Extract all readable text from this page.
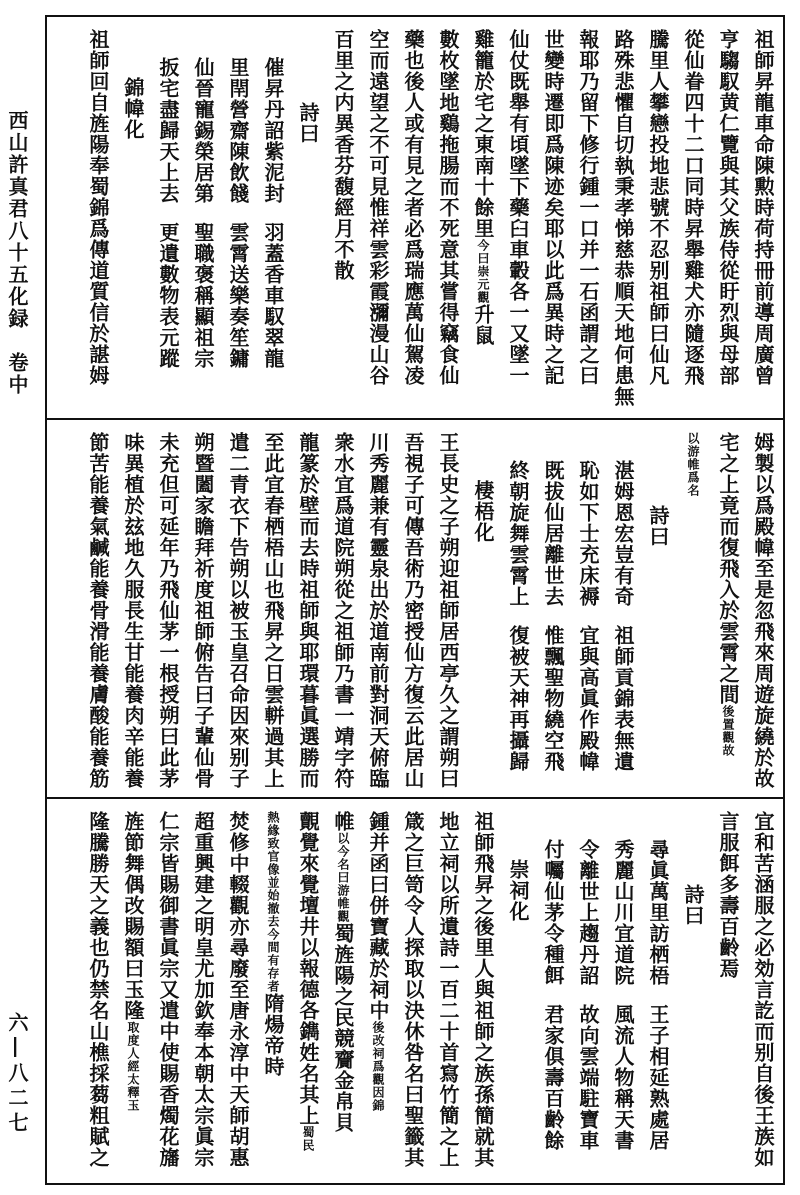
西山許真君八十五化録　卷中
六―八二七
祖師昇龍車命陳勲時荷持冊前導周廣曾
亨騶馭黄仁覽與其父族侍從盱烈與母部
從仙眷四十二口同時昇舉雞犬亦隨逐飛
騰里人攀戀投地悲號不忍别祖師曰仙凡
路殊悲懼自切執秉孝悌慈恭順天地何患無
報耶乃留下修行鍾一口并一石函謂之曰
世變時遷即爲陳迹矣耶以此爲異時之記
仙仗既舉有頃墜下藥臼車轂各一又墜一
雞籠於宅之東南十餘里今曰崇元觀升鼠
數枚墜地鷄拖腸而不死意其嘗得竊食仙
藥也後人或有見之者必爲瑞應萬仙駕凌
空而遠望之不可見惟祥雲彩霞瀰漫山谷
百里之内異香芬馥經月不散
詩曰
催昇丹詔紫泥封
羽蓋香車馭翠龍
里閈營齋陳飲餞
雲霄送樂奏笙鏞
仙晉寵錫榮居第
聖職褒稱顯祖宗
扳宅盡歸天上去
更遺數物表元蹤
錦幃化
祖師回自旌陽奉蜀錦爲傳道質信於諶姆
姆製以爲殿幃至是忽飛來周遊旋繞於故
宅之上竟而復飛入於雲霄之間後置觀故
以游帷爲名
詩曰
湛姆恩宏豈有奇
祖師貢錦表無遺
恥如下士充床褥
宜與高眞作殿幃
既拔仙居離世去
惟飄聖物繞空飛
終朝旋舞雲霄上
復被天神再攝歸
棲梧化
王長史之子朔迎祖師居西亭久之謂朔曰
吾視子可傳吾術乃密授仙方復云此居山
川秀麗兼有靈泉出於道南前對洞天俯臨
衆水宜爲道院朔從之祖師乃書一靖字符
龍篆於壁而去時祖師與耶環暮眞選勝而
至此宜春栖梧山也飛昇之日雲軿過其上
遣二青衣下告朔以被玉皇召命因來别子
朔暨闔家瞻拜祈度祖師俯告曰子輩仙骨
未充但可延年乃飛仙茅一根授朔曰此茅
味異植於玆地久服長生甘能養肉辛能養
節苦能養氣鹹能養骨滑能養膚酸能養筋
宜和苦涵服之必効言訖而别自後王族如
言服餌多壽百齡焉
詩曰
尋眞萬里訪栖梧
王子相延熟處居
秀麗山川宜道院
風流人物稱天書
令離世上趨丹詔
故向雲端駐寶車
付囑仙茅令種餌
君家俱壽百齡餘
崇祠化
祖師飛昇之後里人與祖師之族孫簡就其
地立祠以所遺詩一百二十首寫竹簡之上
箴之巨笥令人探取以決休咎名曰聖籤其
鍾并函曰併寶藏於祠中後改祠爲觀因錦
帷以今名曰游帷觀蜀旌陽之民競齎金帛貝
覿覺來覺壇井以報德各鐫姓名其上蜀民
熱緣致官像並始撤去今間有存者隋煬帝時
焚修中輟觀亦尋廢至唐永淳中天師胡惠
超重興建之明皇尤加欽奉本朝太宗眞宗
仁宗皆賜御書眞宗又遣中使賜香燭花旛
旌節舞偶改賜額曰玉隆取度人經太釋玉
隆騰勝天之義也仍禁名山樵採蒭粗賦之
